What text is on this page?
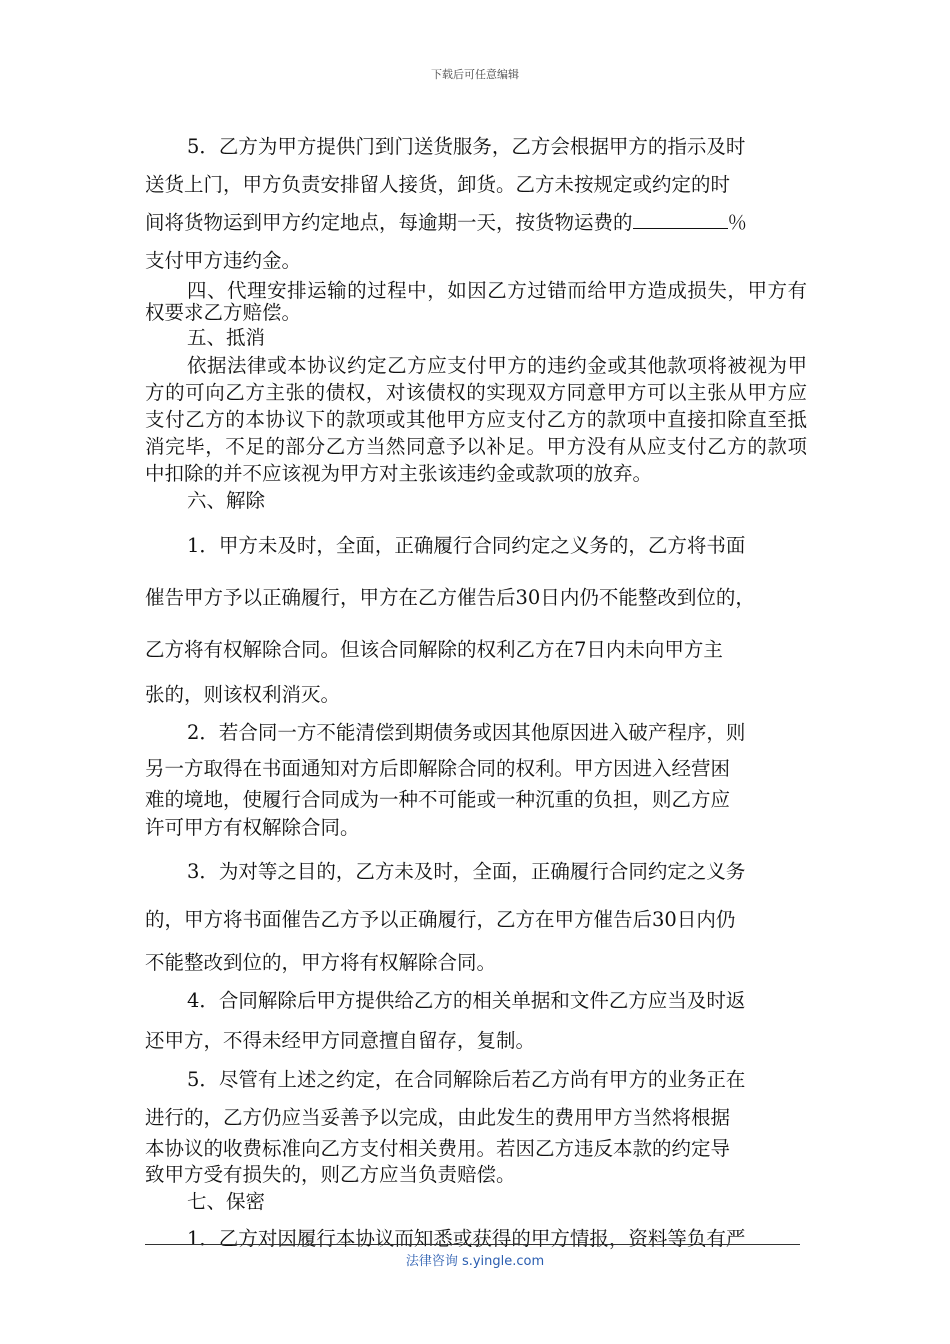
下载后可任意编辑

5．乙方为甲方提供门到门送货服务，乙方会根据甲方的指示及时

送货上门，甲方负责安排留人接货，卸货。乙方未按规定或约定的时

间将货物运到甲方约定地点，每逾期一天，按货物运费的	％

支付甲方违约金。

四、代理安排运输的过程中，如因乙方过错而给甲方造成损失，甲方有权要求乙方赔偿。

五、抵消

依据法律或本协议约定乙方应支付甲方的违约金或其他款项将被视为甲方的可向乙方主张的债权，对该债权的实现双方同意甲方可以主张从甲方应支付乙方的本协议下的款项或其他甲方应支付乙方的款项中直接扣除直至抵消完毕，不足的部分乙方当然同意予以补足。甲方没有从应支付乙方的款项中扣除的并不应该视为甲方对主张该违约金或款项的放弃。

六、解除

1．甲方未及时，全面，正确履行合同约定之义务的，乙方将书面

催告甲方予以正确履行，甲方在乙方催告后30日内仍不能整改到位的，

乙方将有权解除合同。但该合同解除的权利乙方在7日内未向甲方主

张的，则该权利消灭。

2．若合同一方不能清偿到期债务或因其他原因进入破产程序，则

另一方取得在书面通知对方后即解除合同的权利。甲方因进入经营困

难的境地，使履行合同成为一种不可能或一种沉重的负担，则乙方应

许可甲方有权解除合同。

3．为对等之目的，乙方未及时，全面，正确履行合同约定之义务

的，甲方将书面催告乙方予以正确履行，乙方在甲方催告后30日内仍

不能整改到位的，甲方将有权解除合同。

4．合同解除后甲方提供给乙方的相关单据和文件乙方应当及时返

还甲方，不得未经甲方同意擅自留存，复制。

5．尽管有上述之约定，在合同解除后若乙方尚有甲方的业务正在

进行的，乙方仍应当妥善予以完成，由此发生的费用甲方当然将根据

本协议的收费标准向乙方支付相关费用。若因乙方违反本款的约定导

致甲方受有损失的，则乙方应当负责赔偿。

七、保密

1．乙方对因履行本协议而知悉或获得的甲方情报，资料等负有严

法律咨询 s.yingle.com
